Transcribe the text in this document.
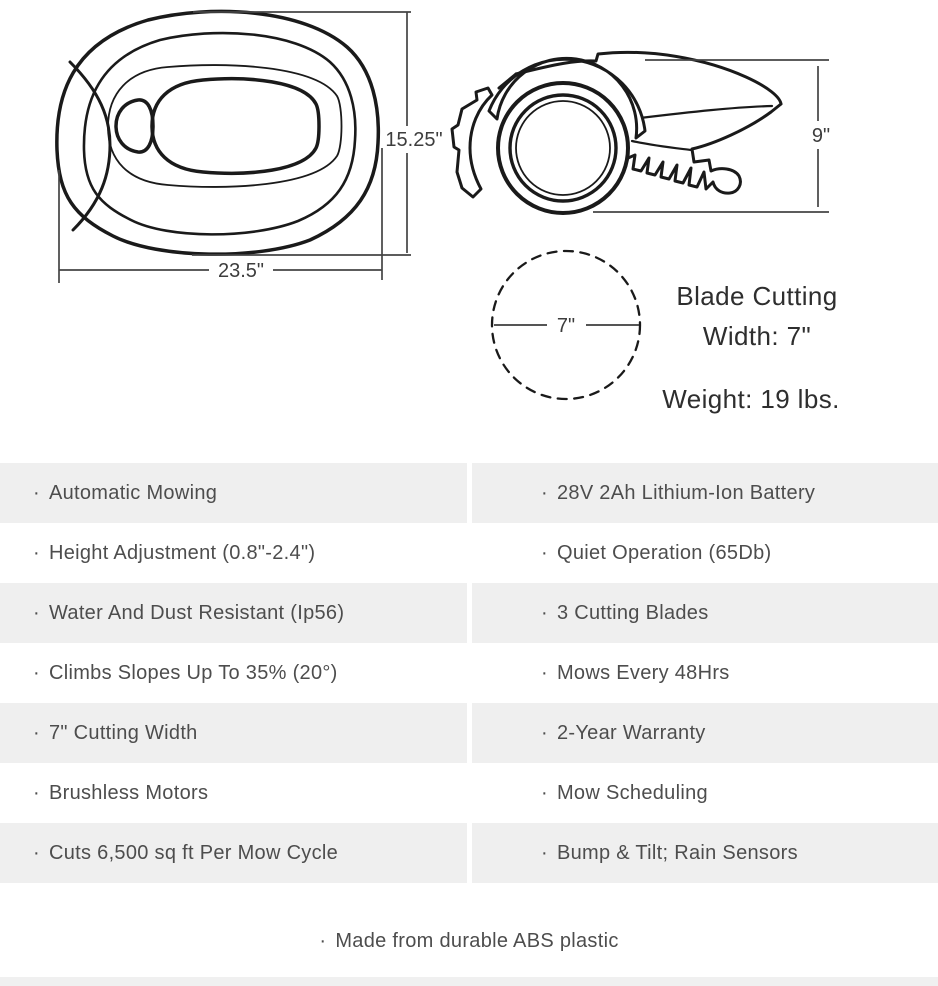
15.25"
23.5"
9"
7"
Blade Cutting
Width: 7"
Weight: 19 lbs.
· Automatic Mowing	· 28V 2Ah Lithium-Ion Battery
· Height Adjustment (0.8"-2.4")	· Quiet Operation (65Db)
· Water And Dust Resistant (Ip56)	· 3 Cutting Blades
· Climbs Slopes Up To 35% (20°)	· Mows Every 48Hrs
· 7" Cutting Width	· 2-Year Warranty
· Brushless Motors	· Mow Scheduling
· Cuts 6,500 sq ft Per Mow Cycle	· Bump & Tilt; Rain Sensors
· Made from durable ABS plastic
